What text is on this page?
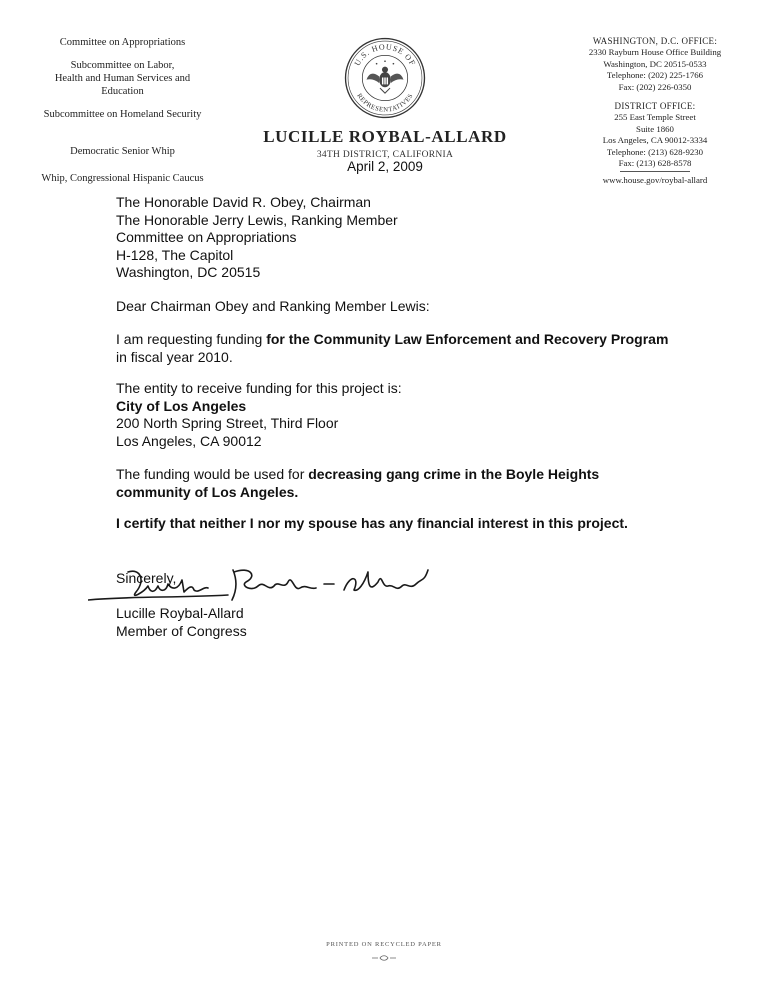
Committee on Appropriations
Subcommittee on Labor,
Health and Human Services and
Education
Subcommittee on Homeland Security
Democratic Senior Whip
Whip, Congressional Hispanic Caucus
U.S. HOUSE OF
REPRESENTATIVES
LUCILLE ROYBAL-ALLARD
34TH DISTRICT, CALIFORNIA
April 2, 2009
WASHINGTON, D.C. OFFICE:
2330 Rayburn House Office Building
Washington, DC 20515-0533
Telephone: (202) 225-1766
Fax: (202) 226-0350
DISTRICT OFFICE:
255 East Temple Street
Suite 1860
Los Angeles, CA 90012-3334
Telephone: (213) 628-9230
Fax: (213) 628-8578
www.house.gov/roybal-allard
The Honorable David R. Obey, Chairman
The Honorable Jerry Lewis, Ranking Member
Committee on Appropriations
H-128, The Capitol
Washington, DC 20515

Dear Chairman Obey and Ranking Member Lewis:

I am requesting funding for the Community Law Enforcement and Recovery Program in fiscal year 2010.

The entity to receive funding for this project is:
City of Los Angeles
200 North Spring Street, Third Floor
Los Angeles, CA 90012

The funding would be used for decreasing gang crime in the Boyle Heights community of Los Angeles.

I certify that neither I nor my spouse has any financial interest in this project.

Sincerely,
Lucille Roybal-Allard
Member of Congress
PRINTED ON RECYCLED PAPER
